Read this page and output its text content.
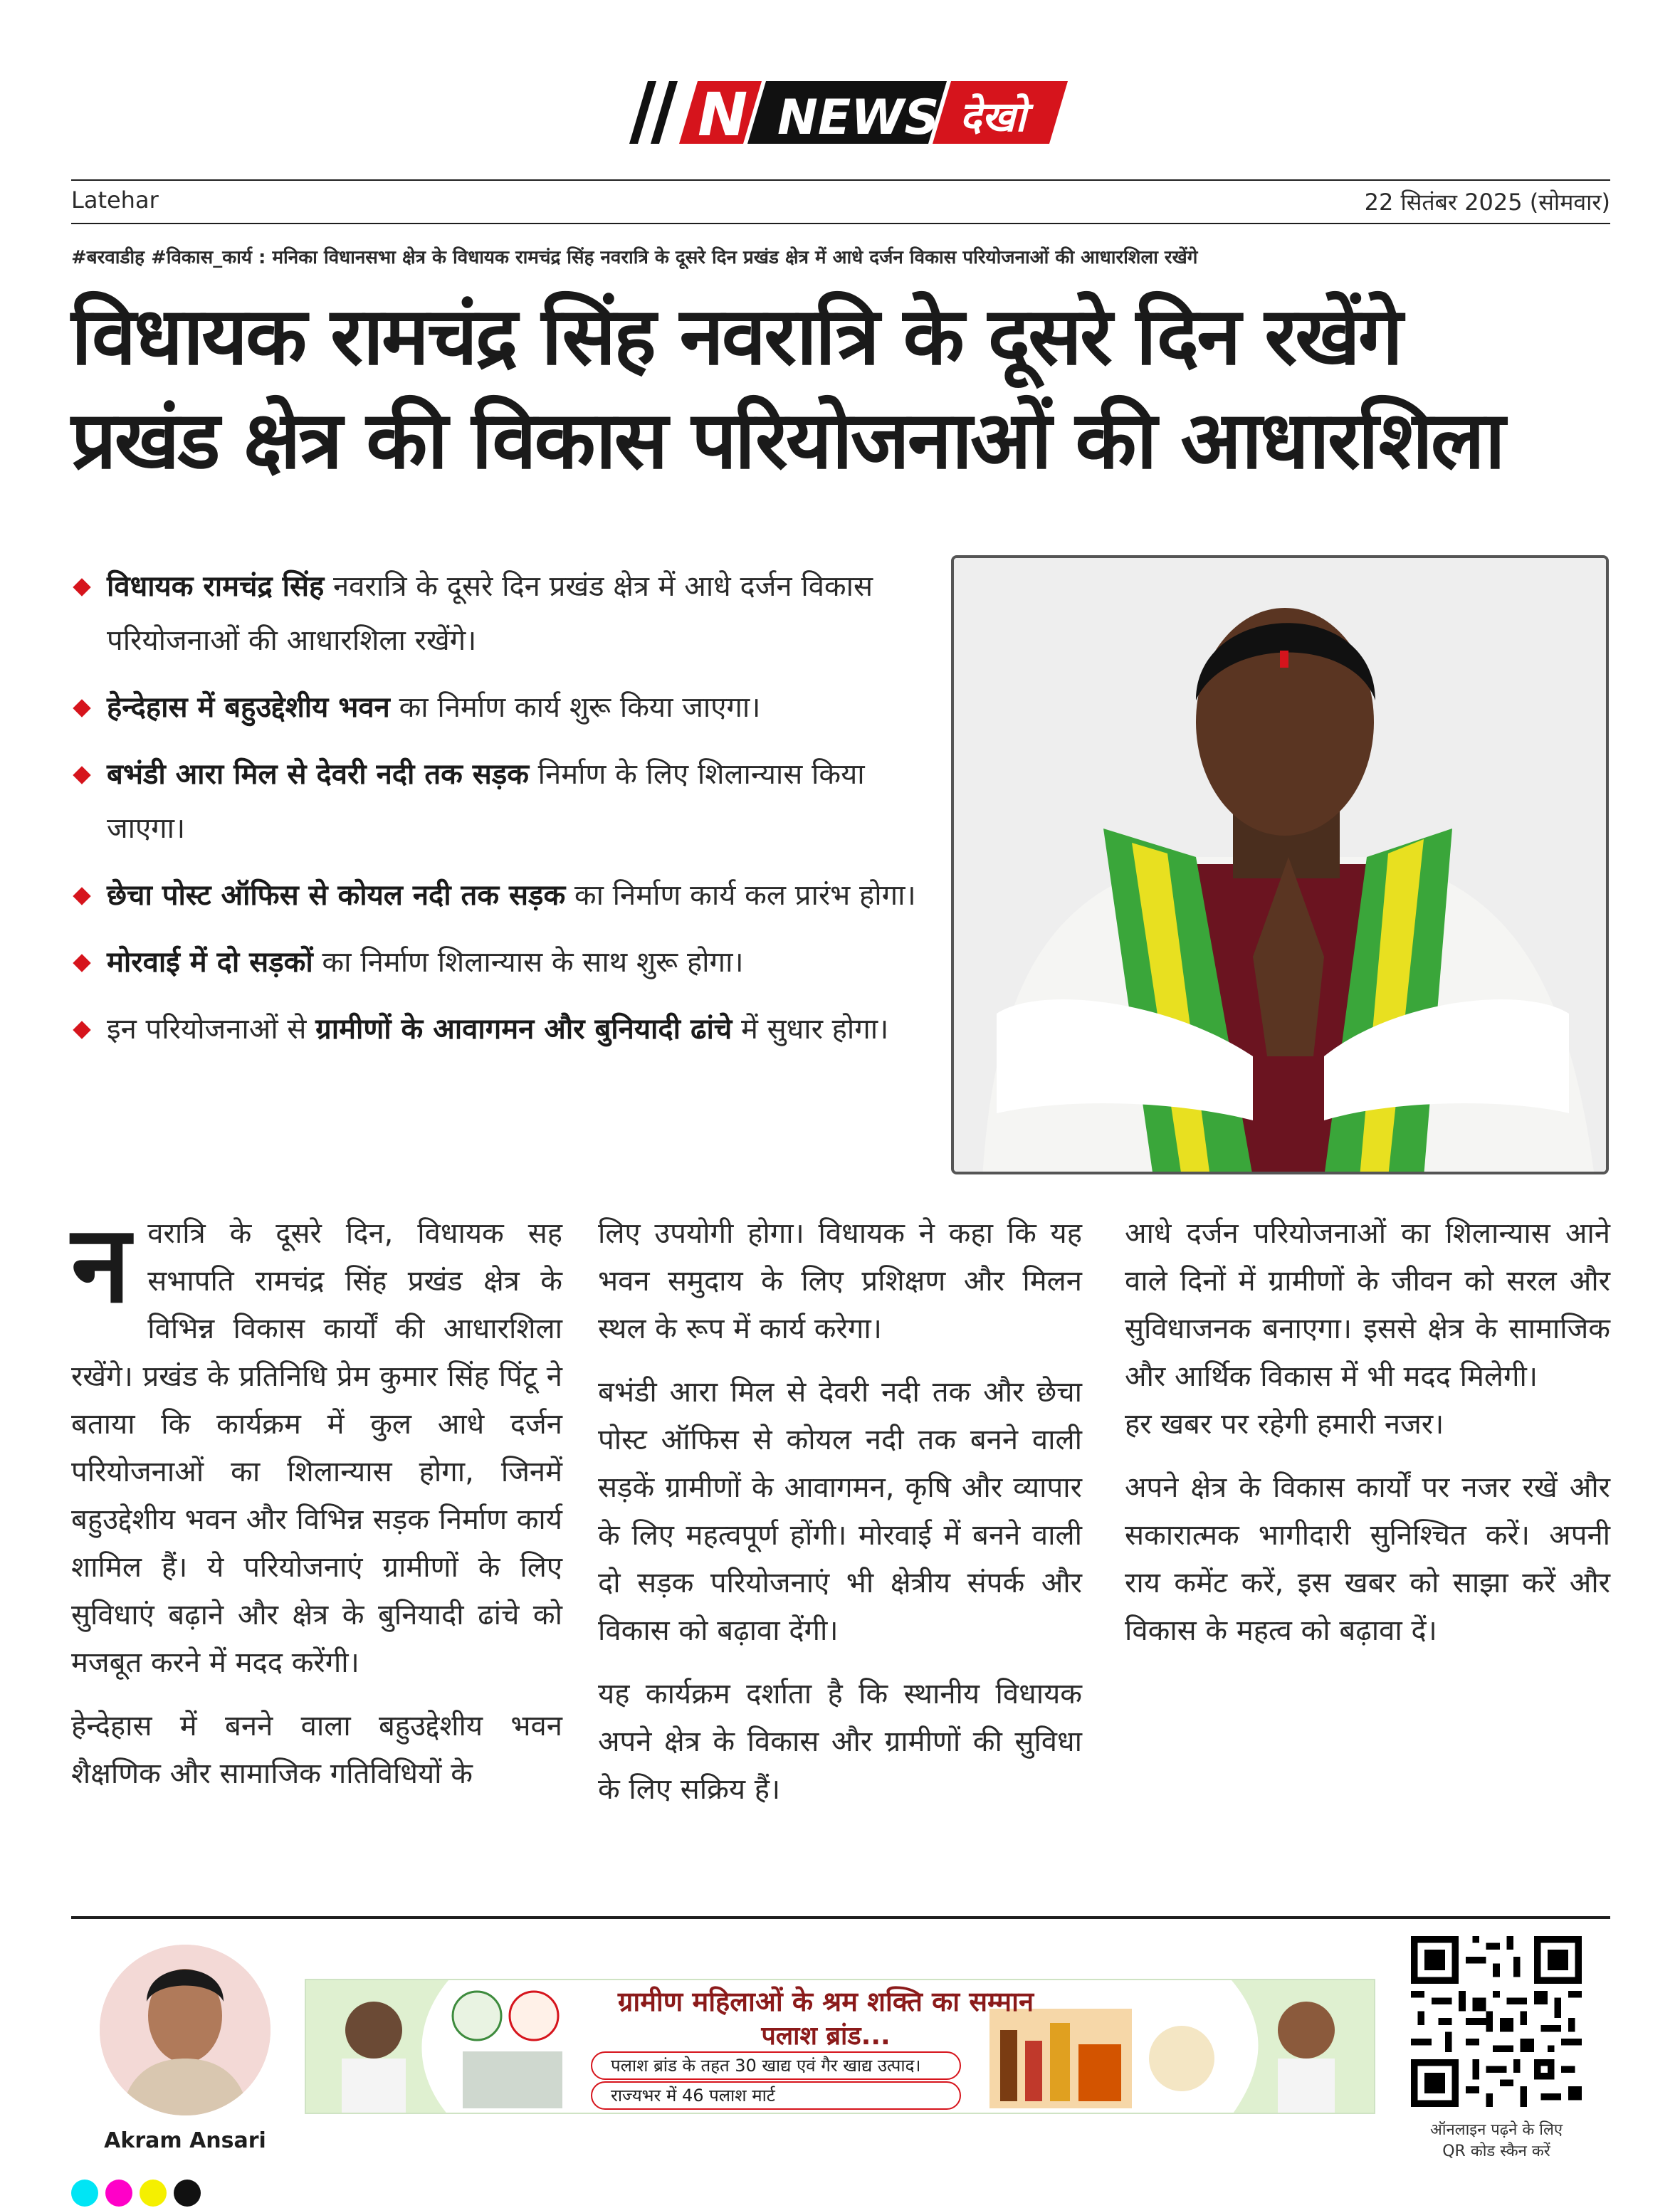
N NEWS देखो
Latehar	22 सितंबर 2025 (सोमवार)
#बरवाडीह #विकास_कार्य : मनिका विधानसभा क्षेत्र के विधायक रामचंद्र सिंह नवरात्रि के दूसरे दिन प्रखंड क्षेत्र में आधे दर्जन विकास परियोजनाओं की आधारशिला रखेंगे
विधायक रामचंद्र सिंह नवरात्रि के दूसरे दिन रखेंगे
प्रखंड क्षेत्र की विकास परियोजनाओं की आधारशिला
विधायक रामचंद्र सिंह नवरात्रि के दूसरे दिन प्रखंड क्षेत्र में आधे दर्जन विकास परियोजनाओं की आधारशिला रखेंगे।
हेन्देहास में बहुउद्देशीय भवन का निर्माण कार्य शुरू किया जाएगा।
बभंडी आरा मिल से देवरी नदी तक सड़क निर्माण के लिए शिलान्यास किया जाएगा।
छेचा पोस्ट ऑफिस से कोयल नदी तक सड़क का निर्माण कार्य कल प्रारंभ होगा।
मोरवाई में दो सड़कों का निर्माण शिलान्यास के साथ शुरू होगा।
इन परियोजनाओं से ग्रामीणों के आवागमन और बुनियादी ढांचे में सुधार होगा।

नवरात्रि के दूसरे दिन, विधायक सह सभापति रामचंद्र सिंह प्रखंड क्षेत्र के विभिन्न विकास कार्यों की आधारशिला रखेंगे। प्रखंड के प्रतिनिधि प्रेम कुमार सिंह पिंटू ने बताया कि कार्यक्रम में कुल आधे दर्जन परियोजनाओं का शिलान्यास होगा, जिनमें बहुउद्देशीय भवन और विभिन्न सड़क निर्माण कार्य शामिल हैं। ये परियोजनाएं ग्रामीणों के लिए सुविधाएं बढ़ाने और क्षेत्र के बुनियादी ढांचे को मजबूत करने में मदद करेंगी।

हेन्देहास में बनने वाला बहुउद्देशीय भवन शैक्षणिक और सामाजिक गतिविधियों के

लिए उपयोगी होगा। विधायक ने कहा कि यह भवन समुदाय के लिए प्रशिक्षण और मिलन स्थल के रूप में कार्य करेगा।

बभंडी आरा मिल से देवरी नदी तक और छेचा पोस्ट ऑफिस से कोयल नदी तक बनने वाली सड़कें ग्रामीणों के आवागमन, कृषि और व्यापार के लिए महत्वपूर्ण होंगी। मोरवाई में बनने वाली दो सड़क परियोजनाएं भी क्षेत्रीय संपर्क और विकास को बढ़ावा देंगी।

यह कार्यक्रम दर्शाता है कि स्थानीय विधायक अपने क्षेत्र के विकास और ग्रामीणों की सुविधा के लिए सक्रिय हैं।

आधे दर्जन परियोजनाओं का शिलान्यास आने वाले दिनों में ग्रामीणों के जीवन को सरल और सुविधाजनक बनाएगा। इससे क्षेत्र के सामाजिक और आर्थिक विकास में भी मदद मिलेगी।
हर खबर पर रहेगी हमारी नजर।

अपने क्षेत्र के विकास कार्यों पर नजर रखें और सकारात्मक भागीदारी सुनिश्चित करें। अपनी राय कमेंट करें, इस खबर को साझा करें और विकास के महत्व को बढ़ावा दें।

Akram Ansari
ग्रामीण महिलाओं के श्रम शक्ति का सम्मान
पलाश ब्रांड...
पलाश ब्रांड के तहत 30 खाद्य एवं गैर खाद्य उत्पाद।
राज्यभर में 46 पलाश मार्ट
ऑनलाइन पढ़ने के लिए
QR कोड स्कैन करें
